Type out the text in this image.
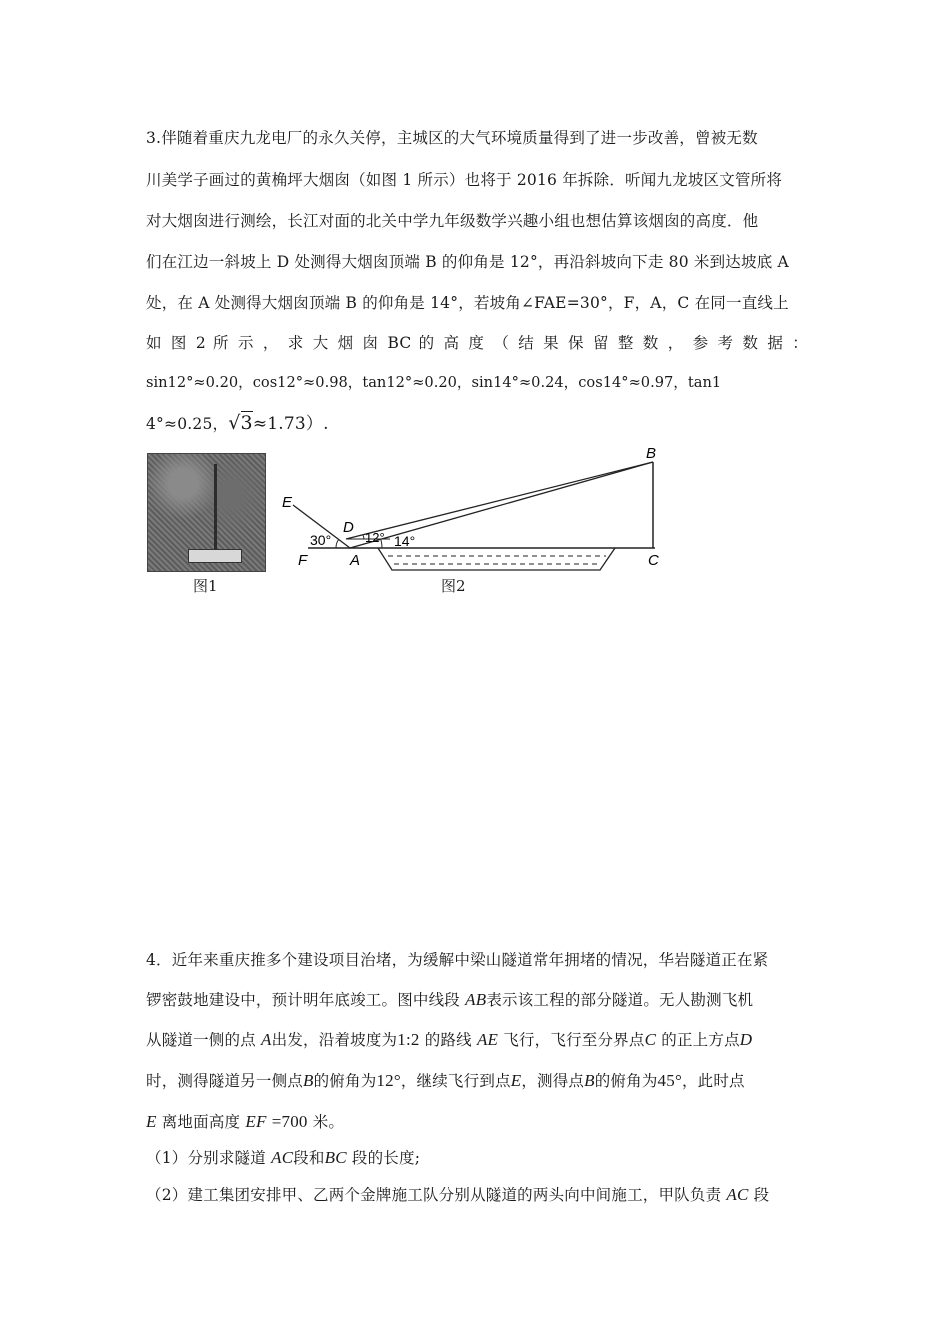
3.伴随着重庆九龙电厂的永久关停，主城区的大气环境质量得到了进一步改善，曾被无数
川美学子画过的黄桷坪大烟囱（如图 1 所示）也将于 2016 年拆除．听闻九龙坡区文管所将
对大烟囱进行测绘，长江对面的北关中学九年级数学兴趣小组也想估算该烟囱的高度．他
们在江边一斜坡上 D 处测得大烟囱顶端 B 的仰角是 12°，再沿斜坡向下走 80 米到达坡底 A
处，在 A 处测得大烟囱顶端 B 的仰角是 14°，若坡角∠FAE=30°，F，A，C 在同一直线上
如 图 2 所 示 ， 求 大 烟 囱 BC 的 高 度 （ 结 果 保 留 整 数 ， 参 考 数 据 ：
sin12°≈0.20，cos12°≈0.98，tan12°≈0.20，sin14°≈0.24，cos14°≈0.97，tan1
4°≈0.25，√3≈1.73）.
图1
E
D
F	A
B
C
30°	12° 14°
图2
4．近年来重庆推多个建设项目治堵，为缓解中梁山隧道常年拥堵的情况，华岩隧道正在紧
锣密鼓地建设中，预计明年底竣工。图中线段 AB表示该工程的部分隧道。无人勘测飞机
从隧道一侧的点 A出发，沿着坡度为1:2 的路线 AE 飞行，飞行至分界点C 的正上方点D
时，测得隧道另一侧点B的俯角为12°，继续飞行到点E，测得点B的俯角为45°，此时点
E 离地面高度 EF =700 米。
（1）分别求隧道 AC段和BC 段的长度;
（2）建工集团安排甲、乙两个金牌施工队分别从隧道的两头向中间施工，甲队负责 AC 段
